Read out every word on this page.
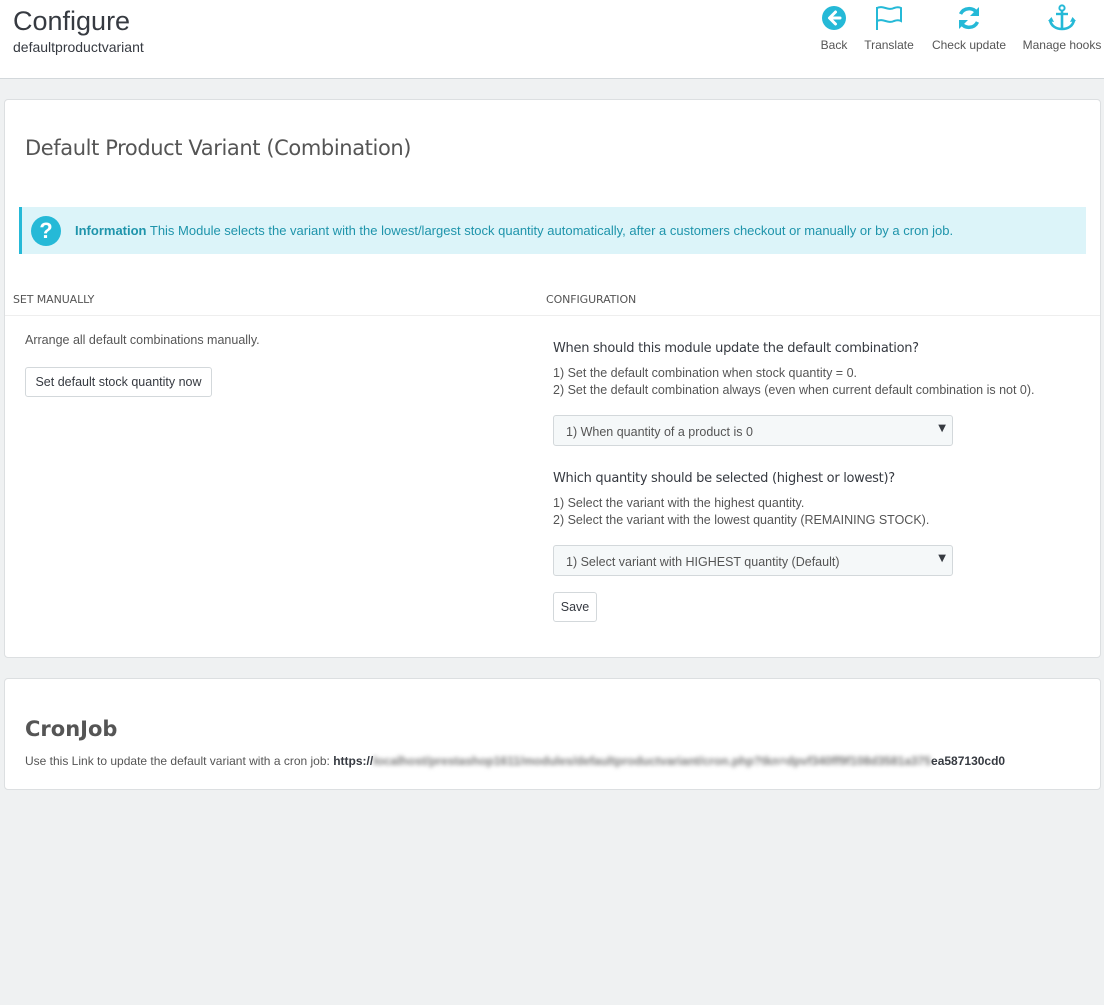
Configure
defaultproductvariant	Back Translate Check update Manage hooks
Default Product Variant (Combination)
?	Information This Module selects the variant with the lowest/largest stock quantity automatically, after a customers checkout or manually or by a cron job.
SET MANUALLY	CONFIGURATION
Arrange all default combinations manually.
Set default stock quantity now
When should this module update the default combination?
1) Set the default combination when stock quantity = 0.
2) Set the default combination always (even when current default combination is not 0).
1) When quantity of a product is 0	▼
Which quantity should be selected (highest or lowest)?
1) Select the variant with the highest quantity.
2) Select the variant with the lowest quantity (REMAINING STOCK).
1) Select variant with HIGHEST quantity (Default)	▼
Save
CronJob
Use this Link to update the default variant with a cron job: https://localhost/prestashop1611/modules/defaultproductvariant/cron.php?tkn=dpvf340ff9f108d3581a375ea587130cd0
